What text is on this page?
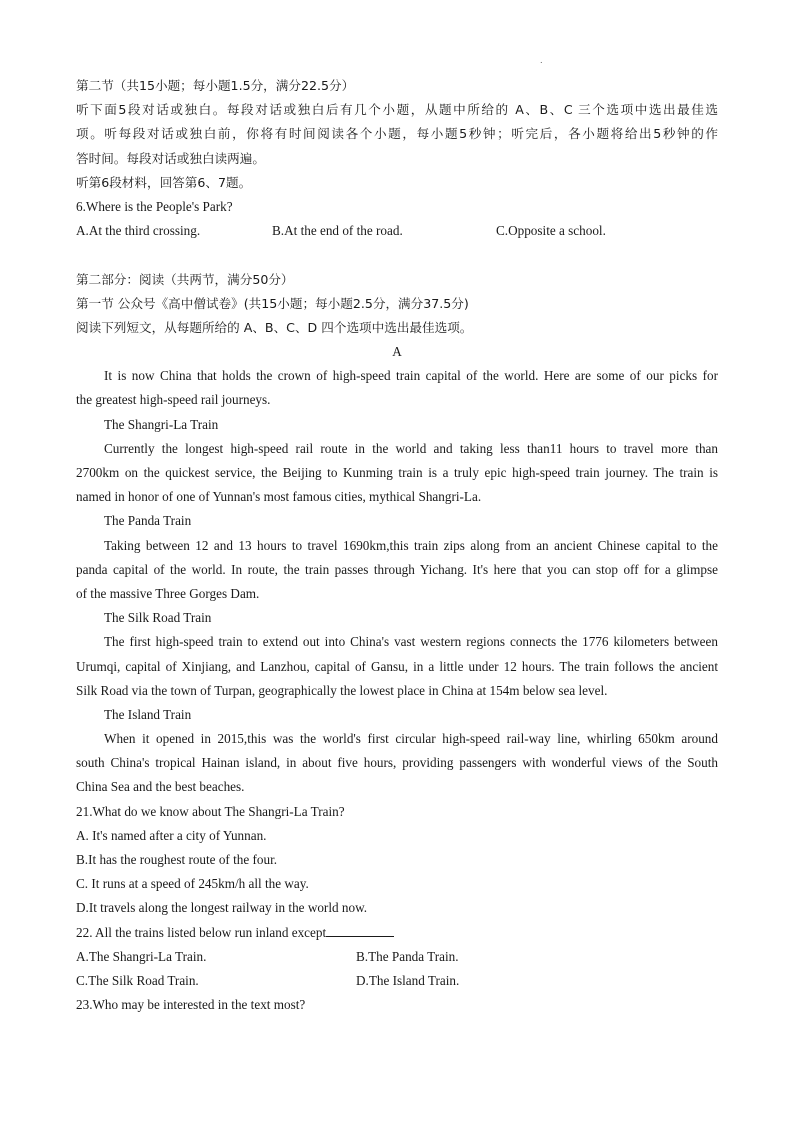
.
第二节（共15小题；每小题1.5分，满分22.5分）
听下面5段对话或独白。每段对话或独白后有几个小题，从题中所给的 A、B、C 三个选项中选出最佳选
项。听每段对话或独白前，你将有时间阅读各个小题，每小题5秒钟；听完后，各小题将给出5秒钟的作
答时间。每段对话或独白读两遍。
听第6段材料，回答第6、7题。
6.Where is the People's Park?
A.At the third crossing.	B.At the end of the road.	C.Opposite a school.
第二部分：阅读（共两节，满分50分）
第一节 公众号《高中僧试卷》(共15小题；每小题2.5分，满分37.5分)
阅读下列短文，从每题所给的 A、B、C、D 四个选项中选出最佳选项。
A
It is now China that holds the crown of high-speed train capital of the world. Here are some of our picks for
the greatest high-speed rail journeys.
The Shangri-La Train
Currently the longest high-speed rail route in the world and taking less than11 hours to travel more than
2700km on the quickest service, the Beijing to Kunming train is a truly epic high-speed train journey. The train is
named in honor of one of Yunnan's most famous cities, mythical Shangri-La.
The Panda Train
Taking between 12 and 13 hours to travel 1690km,this train zips along from an ancient Chinese capital to the
panda capital of the world. In route, the train passes through Yichang. It's here that you can stop off for a glimpse
of the massive Three Gorges Dam.
The Silk Road Train
The first high-speed train to extend out into China's vast western regions connects the 1776 kilometers between
Urumqi, capital of Xinjiang, and Lanzhou, capital of Gansu, in a little under 12 hours. The train follows the ancient
Silk Road via the town of Turpan, geographically the lowest place in China at 154m below sea level.
The Island Train
When it opened in 2015,this was the world's first circular high-speed rail-way line, whirling 650km around
south China's tropical Hainan island, in about five hours, providing passengers with wonderful views of the South
China Sea and the best beaches.
21.What do we know about The Shangri-La Train?
A. It's named after a city of Yunnan.
B.It has the roughest route of the four.
C. It runs at a speed of 245km/h all the way.
D.It travels along the longest railway in the world now.
22. All the trains listed below run inland except
A.The Shangri-La Train.	B.The Panda Train.
C.The Silk Road Train.	D.The Island Train.
23.Who may be interested in the text most?
